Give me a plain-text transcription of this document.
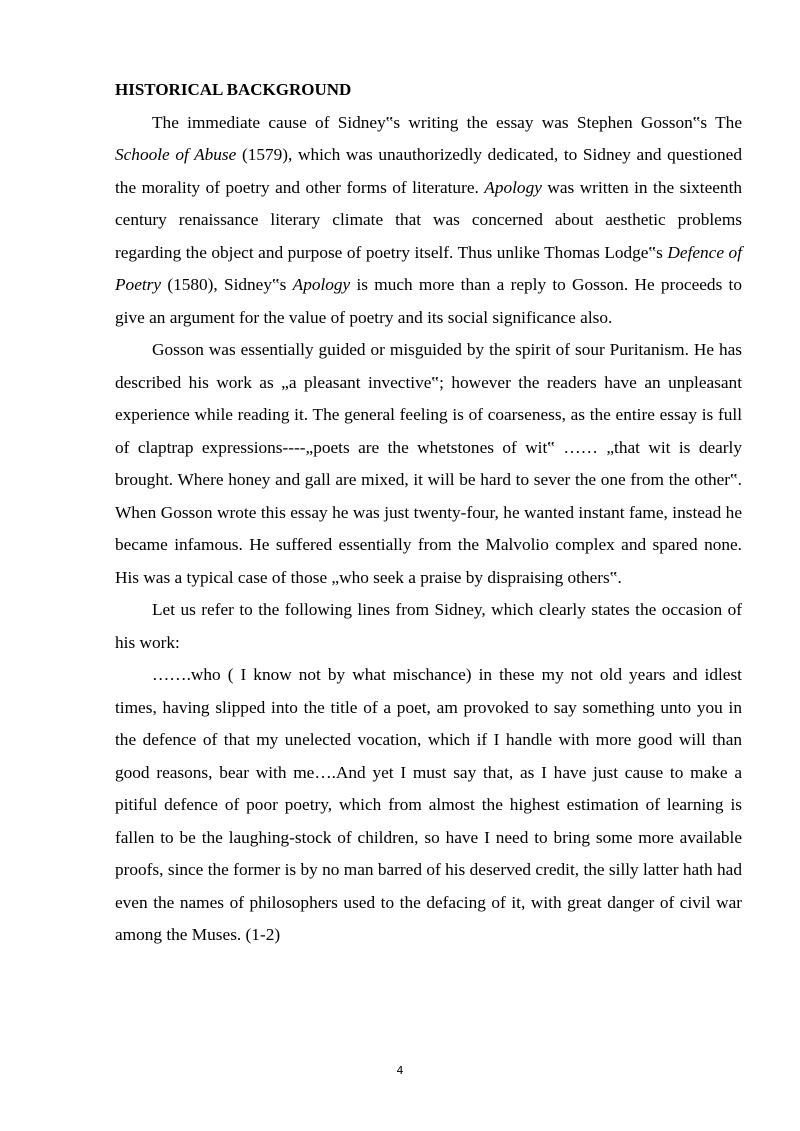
HISTORICAL BACKGROUND

The immediate cause of Sidney‟s writing the essay was Stephen Gosson‟s The Schoole of Abuse (1579), which was unauthorizedly dedicated, to Sidney and questioned the morality of poetry and other forms of literature. Apology was written in the sixteenth century renaissance literary climate that was concerned about aesthetic problems regarding the object and purpose of poetry itself. Thus unlike Thomas Lodge‟s Defence of Poetry (1580), Sidney‟s Apology is much more than a reply to Gosson. He proceeds to give an argument for the value of poetry and its social significance also.

Gosson was essentially guided or misguided by the spirit of sour Puritanism. He has described his work as „a pleasant invective‟; however the readers have an unpleasant experience while reading it. The general feeling is of coarseness, as the entire essay is full of claptrap expressions----„poets are the whetstones of wit‟ …… „that wit is dearly brought. Where honey and gall are mixed, it will be hard to sever the one from the other‟. When Gosson wrote this essay he was just twenty-four, he wanted instant fame, instead he became infamous. He suffered essentially from the Malvolio complex and spared none. His was a typical case of those „who seek a praise by dispraising others‟.

Let us refer to the following lines from Sidney, which clearly states the occasion of his work:

…….who ( I know not by what mischance) in these my not old years and idlest times, having slipped into the title of a poet, am provoked to say something unto you in the defence of that my unelected vocation, which if I handle with more good will than good reasons, bear with me….And yet I must say that, as I have just cause to make a pitiful defence of poor poetry, which from almost the highest estimation of learning is fallen to be the laughing-stock of children, so have I need to bring some more available proofs, since the former is by no man barred of his deserved credit, the silly latter hath had even the names of philosophers used to the defacing of it, with great danger of civil war among the Muses. (1-2)

4
